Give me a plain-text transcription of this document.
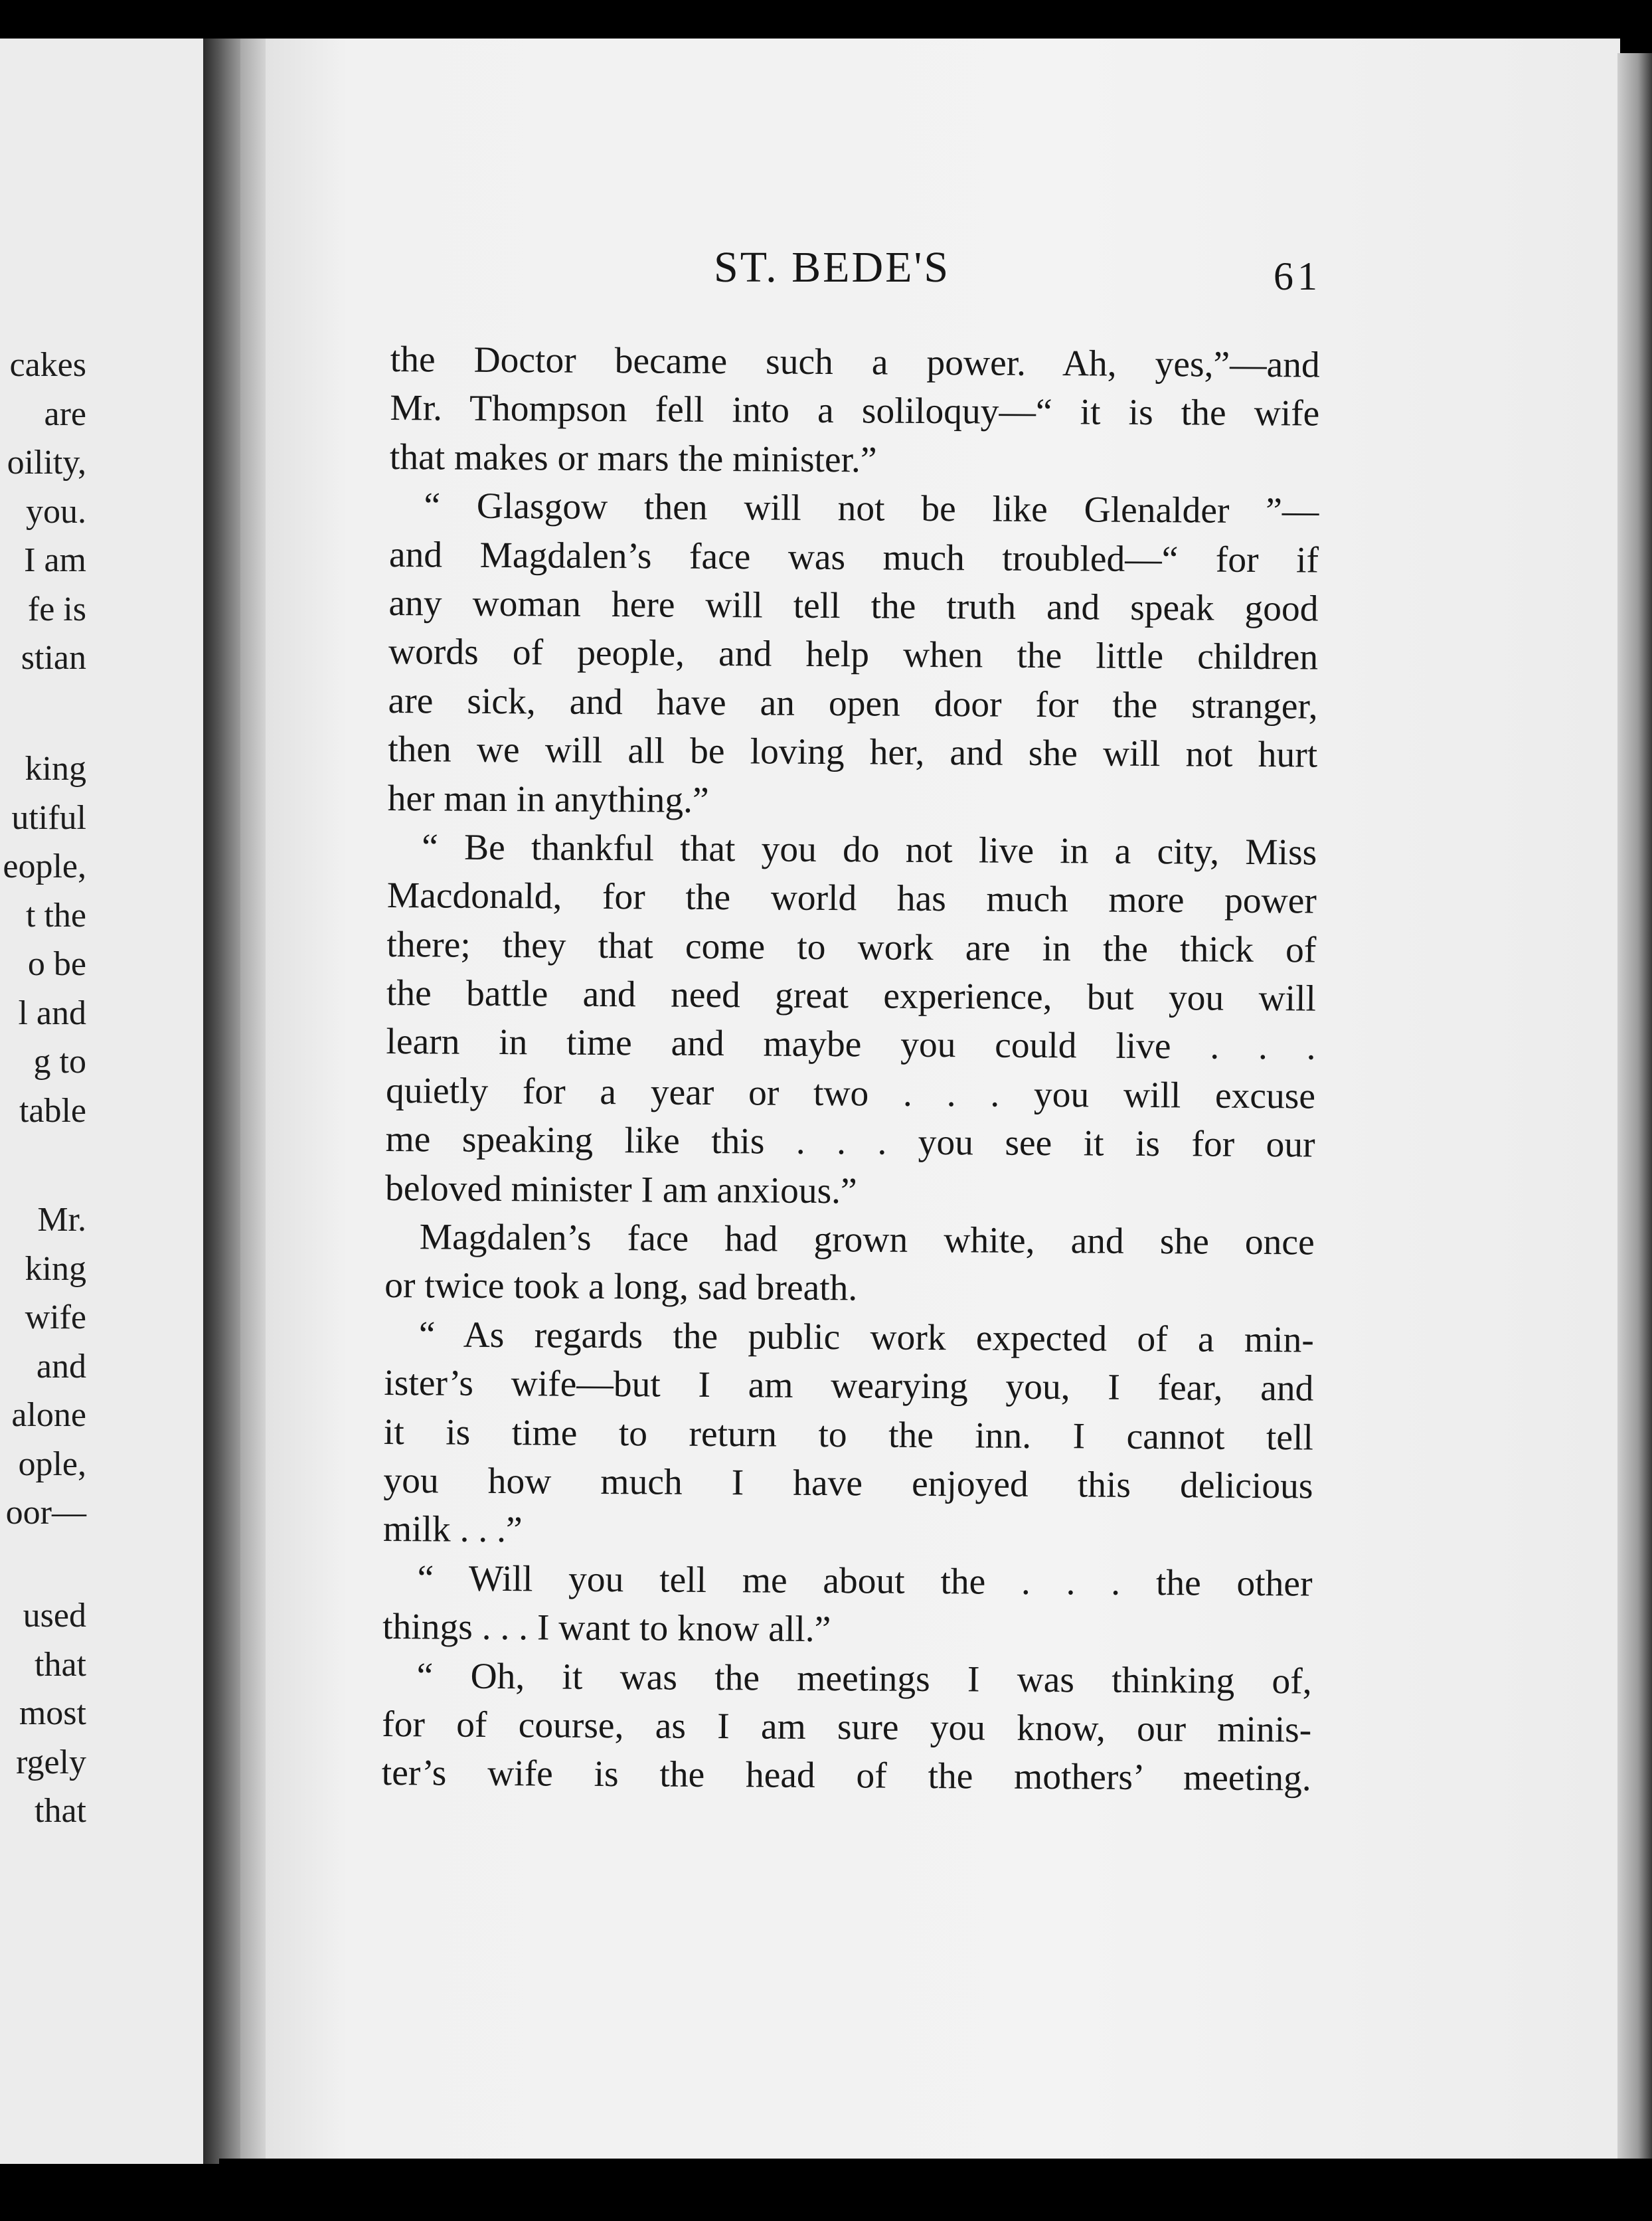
cakes
are
oility,
you.
I am
fe is
stian
king
utiful
eople,
t the
o be
l and
g to
table
Mr.
king
wife
and
alone
ople,
oor—
used
that
most
rgely
that
ST. BEDE'S	61
the Doctor became such a power. Ah, yes,”—and
Mr. Thompson fell into a soliloquy—“ it is the wife
that makes or mars the minister.”
“ Glasgow then will not be like Glenalder ”—
and Magdalen’s face was much troubled—“ for if
any woman here will tell the truth and speak good
words of people, and help when the little children
are sick, and have an open door for the stranger,
then we will all be loving her, and she will not hurt
her man in anything.”
“ Be thankful that you do not live in a city, Miss
Macdonald, for the world has much more power
there; they that come to work are in the thick of
the battle and need great experience, but you will
learn in time and maybe you could live . . .
quietly for a year or two . . . you will excuse
me speaking like this . . . you see it is for our
beloved minister I am anxious.”
Magdalen’s face had grown white, and she once
or twice took a long, sad breath.
“ As regards the public work expected of a min-
ister’s wife—but I am wearying you, I fear, and
it is time to return to the inn. I cannot tell
you how much I have enjoyed this delicious
milk . . .”
“ Will you tell me about the . . . the other
things . . . I want to know all.”
“ Oh, it was the meetings I was thinking of,
for of course, as I am sure you know, our minis-
ter’s wife is the head of the mothers’ meeting.
